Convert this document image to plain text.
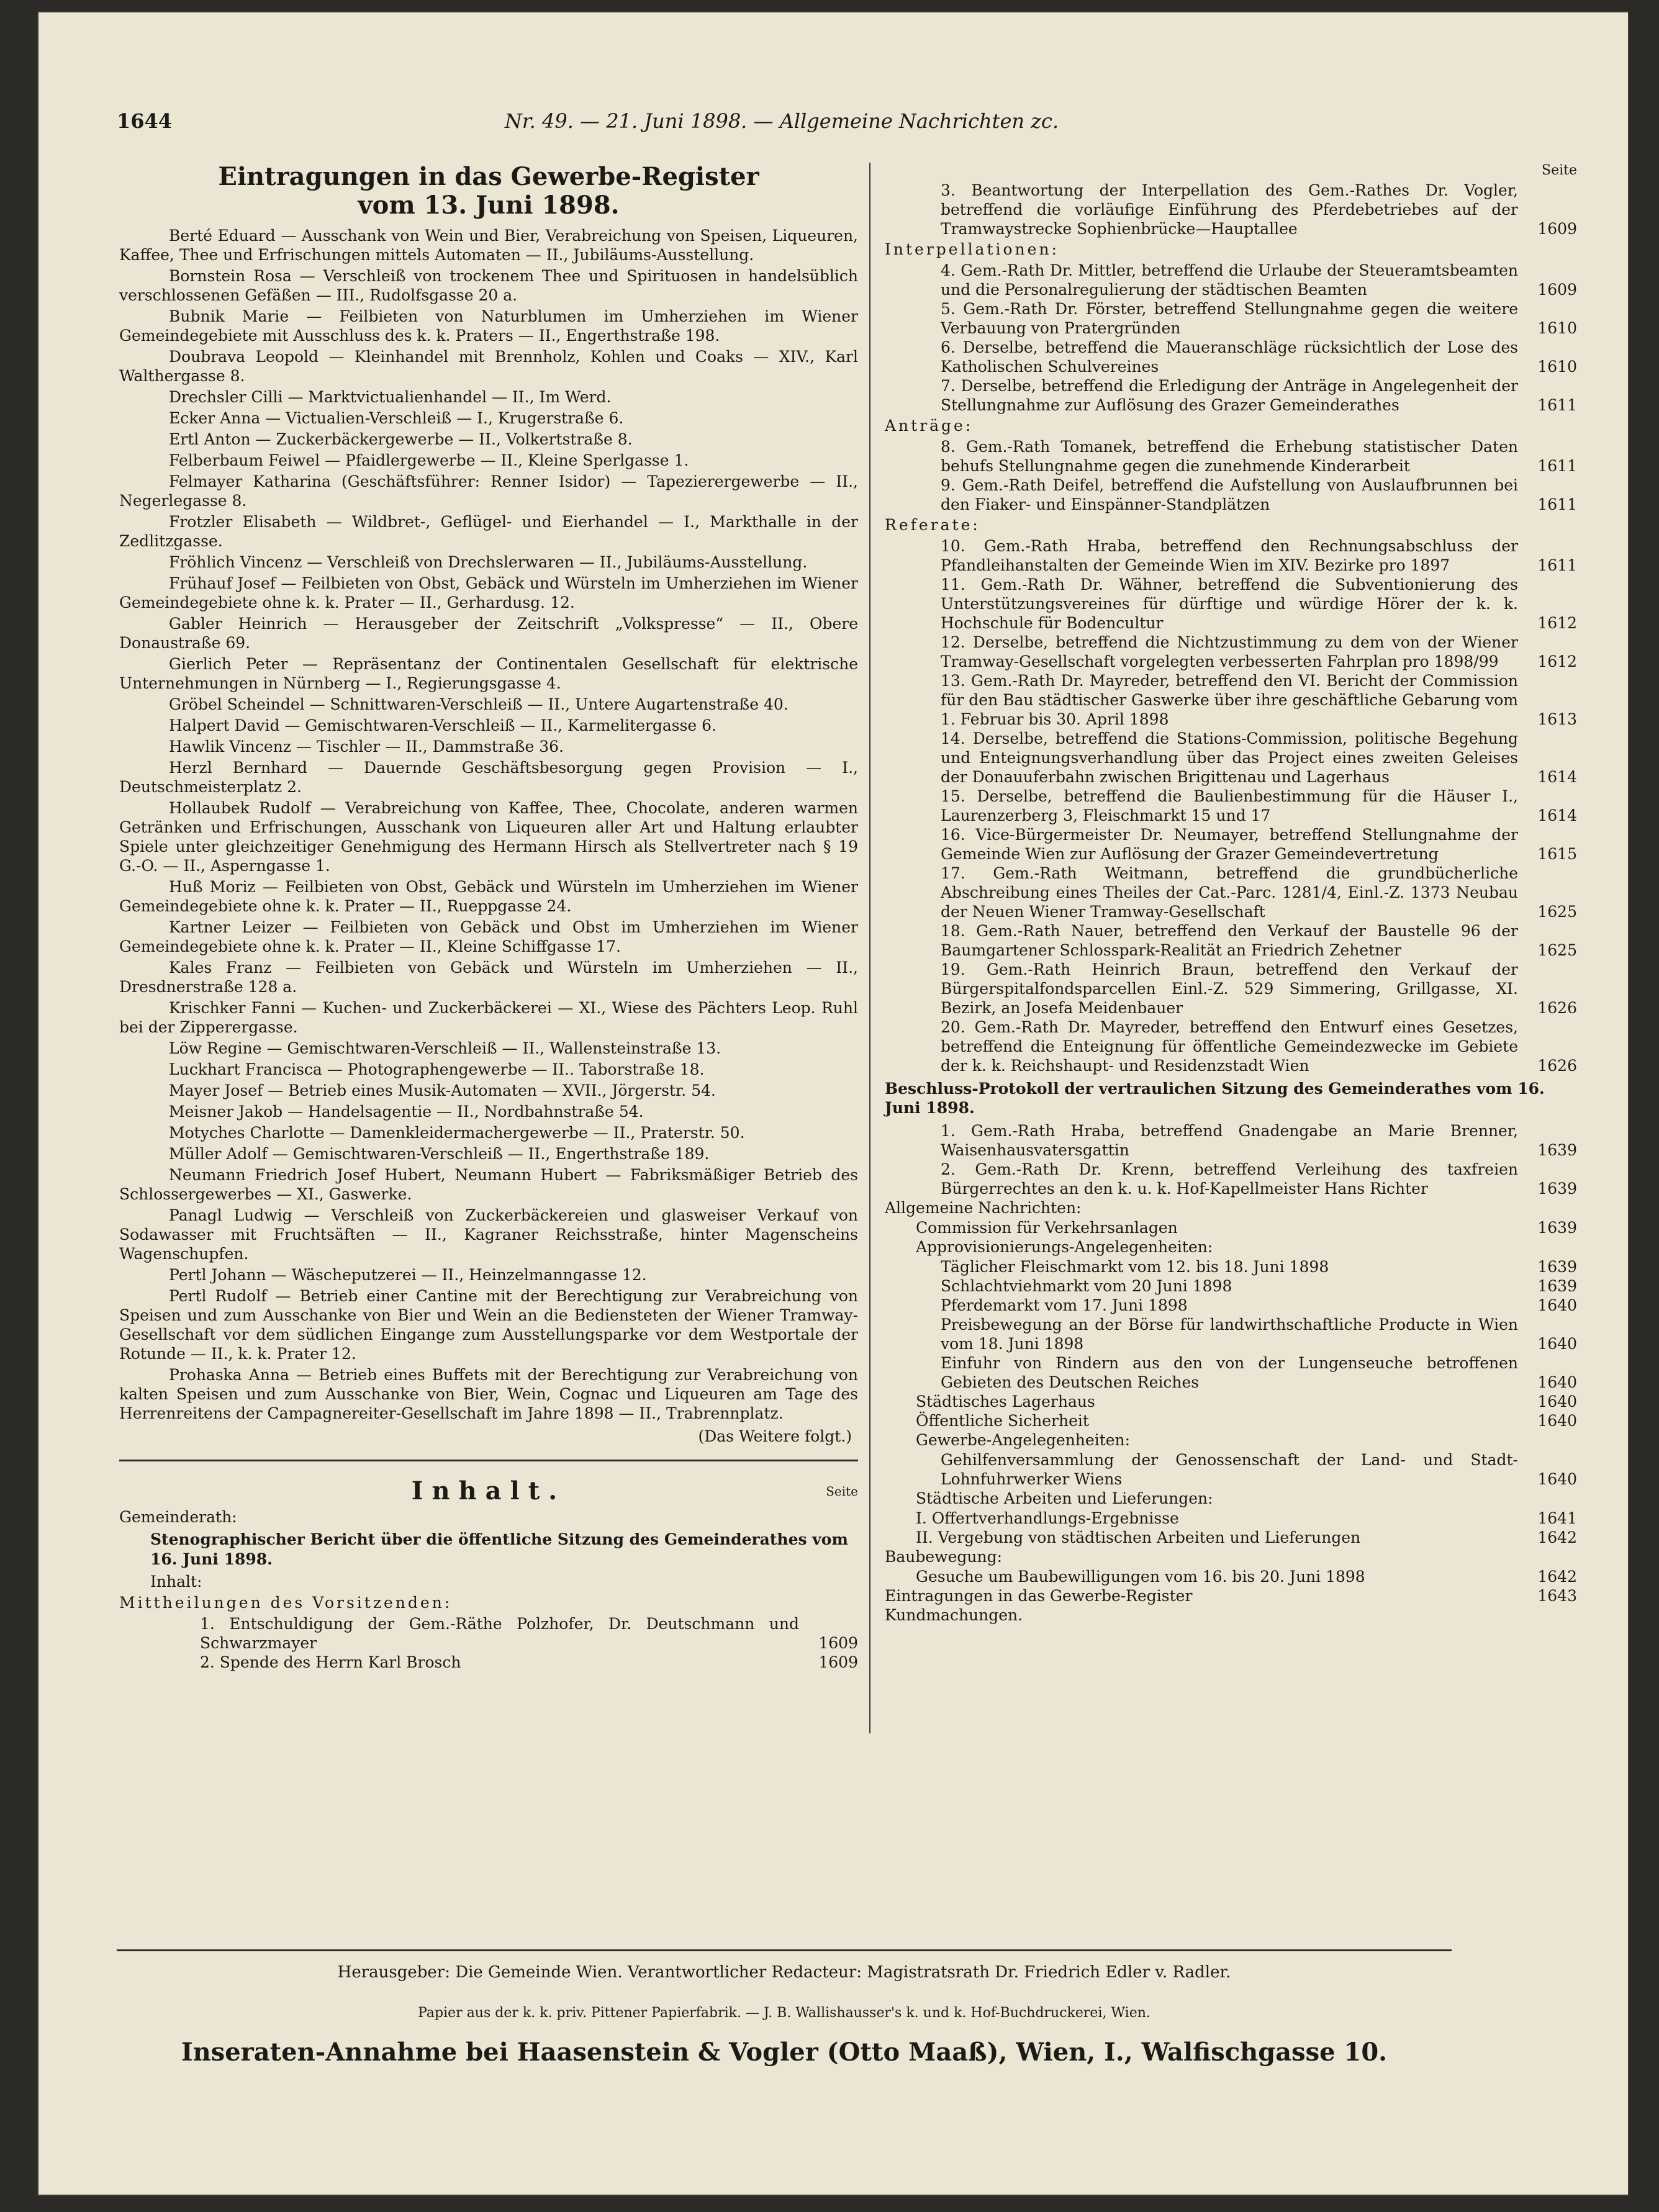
1644	Nr. 49. — 21. Juni 1898. — Allgemeine Nachrichten zc.

Eintragungen in das Gewerbe-Register
vom 13. Juni 1898.

Berté Eduard — Ausschank von Wein und Bier, Verabreichung von Speisen, Liqueuren, Kaffee, Thee und Erfrischungen mittels Automaten — II., Jubiläums-Ausstellung.

Bornstein Rosa — Verschleiß von trockenem Thee und Spirituosen in handelsüblich verschlossenen Gefäßen — III., Rudolfsgasse 20 a.

Bubnik Marie — Feilbieten von Naturblumen im Umherziehen im Wiener Gemeindegebiete mit Ausschluss des k. k. Praters — II., Engerthstraße 198.

Doubrava Leopold — Kleinhandel mit Brennholz, Kohlen und Coaks — XIV., Karl Walthergasse 8.

Drechsler Cilli — Marktvictualienhandel — II., Im Werd.

Ecker Anna — Victualien-Verschleiß — I., Krugerstraße 6.

Ertl Anton — Zuckerbäckergewerbe — II., Volkertstraße 8.

Felberbaum Feiwel — Pfaidlergewerbe — II., Kleine Sperlgasse 1.

Felmayer Katharina (Geschäftsführer: Renner Isidor) — Tapezierergewerbe — II., Negerlegasse 8.

Frotzler Elisabeth — Wildbret-, Geflügel- und Eierhandel — I., Markthalle in der Zedlitzgasse.

Fröhlich Vincenz — Verschleiß von Drechslerwaren — II., Jubiläums-Ausstellung.

Frühauf Josef — Feilbieten von Obst, Gebäck und Würsteln im Umherziehen im Wiener Gemeindegebiete ohne k. k. Prater — II., Gerhardusg. 12.

Gabler Heinrich — Herausgeber der Zeitschrift „Volkspresse“ — II., Obere Donaustraße 69.

Gierlich Peter — Repräsentanz der Continentalen Gesellschaft für elektrische Unternehmungen in Nürnberg — I., Regierungsgasse 4.

Gröbel Scheindel — Schnittwaren-Verschleiß — II., Untere Augartenstraße 40.

Halpert David — Gemischtwaren-Verschleiß — II., Karmelitergasse 6.

Hawlik Vincenz — Tischler — II., Dammstraße 36.

Herzl Bernhard — Dauernde Geschäftsbesorgung gegen Provision — I., Deutschmeisterplatz 2.

Hollaubek Rudolf — Verabreichung von Kaffee, Thee, Chocolate, anderen warmen Getränken und Erfrischungen, Ausschank von Liqueuren aller Art und Haltung erlaubter Spiele unter gleichzeitiger Genehmigung des Hermann Hirsch als Stellvertreter nach § 19 G.-O. — II., Asperngasse 1.

Huß Moriz — Feilbieten von Obst, Gebäck und Würsteln im Umherziehen im Wiener Gemeindegebiete ohne k. k. Prater — II., Rueppgasse 24.

Kartner Leizer — Feilbieten von Gebäck und Obst im Umherziehen im Wiener Gemeindegebiete ohne k. k. Prater — II., Kleine Schiffgasse 17.

Kales Franz — Feilbieten von Gebäck und Würsteln im Umherziehen — II., Dresdnerstraße 128 a.

Krischker Fanni — Kuchen- und Zuckerbäckerei — XI., Wiese des Pächters Leop. Ruhl bei der Zipperergasse.

Löw Regine — Gemischtwaren-Verschleiß — II., Wallensteinstraße 13.

Luckhart Francisca — Photographengewerbe — II.. Taborstraße 18.

Mayer Josef — Betrieb eines Musik-Automaten — XVII., Jörgerstr. 54.

Meisner Jakob — Handelsagentie — II., Nordbahnstraße 54.

Motyches Charlotte — Damenkleidermachergewerbe — II., Praterstr. 50.

Müller Adolf — Gemischtwaren-Verschleiß — II., Engerthstraße 189.

Neumann Friedrich Josef Hubert, Neumann Hubert — Fabriksmäßiger Betrieb des Schlossergewerbes — XI., Gaswerke.

Panagl Ludwig — Verschleiß von Zuckerbäckereien und glasweiser Verkauf von Sodawasser mit Fruchtsäften — II., Kagraner Reichsstraße, hinter Magenscheins Wagenschupfen.

Pertl Johann — Wäscheputzerei — II., Heinzelmanngasse 12.

Pertl Rudolf — Betrieb einer Cantine mit der Berechtigung zur Verabreichung von Speisen und zum Ausschanke von Bier und Wein an die Bediensteten der Wiener Tramway-Gesellschaft vor dem südlichen Eingange zum Ausstellungsparke vor dem Westportale der Rotunde — II., k. k. Prater 12.

Prohaska Anna — Betrieb eines Buffets mit der Berechtigung zur Verabreichung von kalten Speisen und zum Ausschanke von Bier, Wein, Cognac und Liqueuren am Tage des Herrenreitens der Campagnereiter-Gesellschaft im Jahre 1898 — II., Trabrennplatz.

(Das Weitere folgt.)

Inhalt.	Seite

Gemeinderath:

Stenographischer Bericht über die öffentliche Sitzung des Gemeinderathes vom 16. Juni 1898.

Inhalt:

Mittheilungen des Vorsitzenden:

1. Entschuldigung der Gem.-Räthe Polzhofer, Dr. Deutschmann und Schwarzmayer	1609
2. Spende des Herrn Karl Brosch	1609

Seite

3. Beantwortung der Interpellation des Gem.-Rathes Dr. Vogler, betreffend die vorläufige Einführung des Pferdebetriebes auf der Tramwaystrecke Sophienbrücke—Hauptallee	1609

Interpellationen:

4. Gem.-Rath Dr. Mittler, betreffend die Urlaube der Steueramtsbeamten und die Personalregulierung der städtischen Beamten	1609
5. Gem.-Rath Dr. Förster, betreffend Stellungnahme gegen die weitere Verbauung von Pratergründen	1610
6. Derselbe, betreffend die Maueranschläge rücksichtlich der Lose des Katholischen Schulvereines	1610
7. Derselbe, betreffend die Erledigung der Anträge in Angelegenheit der Stellungnahme zur Auflösung des Grazer Gemeinderathes	1611

Anträge:

8. Gem.-Rath Tomanek, betreffend die Erhebung statistischer Daten behufs Stellungnahme gegen die zunehmende Kinderarbeit	1611
9. Gem.-Rath Deifel, betreffend die Aufstellung von Auslaufbrunnen bei den Fiaker- und Einspänner-Standplätzen	1611

Referate:

10. Gem.-Rath Hraba, betreffend den Rechnungsabschluss der Pfandleihanstalten der Gemeinde Wien im XIV. Bezirke pro 1897	1611
11. Gem.-Rath Dr. Wähner, betreffend die Subventionierung des Unterstützungsvereines für dürftige und würdige Hörer der k. k. Hochschule für Bodencultur	1612
12. Derselbe, betreffend die Nichtzustimmung zu dem von der Wiener Tramway-Gesellschaft vorgelegten verbesserten Fahrplan pro 1898/99	1612
13. Gem.-Rath Dr. Mayreder, betreffend den VI. Bericht der Commission für den Bau städtischer Gaswerke über ihre geschäftliche Gebarung vom 1. Februar bis 30. April 1898	1613
14. Derselbe, betreffend die Stations-Commission, politische Begehung und Enteignungsverhandlung über das Project eines zweiten Geleises der Donauuferbahn zwischen Brigittenau und Lagerhaus	1614
15. Derselbe, betreffend die Baulienbestimmung für die Häuser I., Laurenzerberg 3, Fleischmarkt 15 und 17	1614
16. Vice-Bürgermeister Dr. Neumayer, betreffend Stellungnahme der Gemeinde Wien zur Auflösung der Grazer Gemeindevertretung	1615
17. Gem.-Rath Weitmann, betreffend die grundbücherliche Abschreibung eines Theiles der Cat.-Parc. 1281/4, Einl.-Z. 1373 Neubau der Neuen Wiener Tramway-Gesellschaft	1625
18. Gem.-Rath Nauer, betreffend den Verkauf der Baustelle 96 der Baumgartener Schlosspark-Realität an Friedrich Zehetner	1625
19. Gem.-Rath Heinrich Braun, betreffend den Verkauf der Bürgerspitalfondsparcellen Einl.-Z. 529 Simmering, Grillgasse, XI. Bezirk, an Josefa Meidenbauer	1626
20. Gem.-Rath Dr. Mayreder, betreffend den Entwurf eines Gesetzes, betreffend die Enteignung für öffentliche Gemeindezwecke im Gebiete der k. k. Reichshaupt- und Residenzstadt Wien	1626

Beschluss-Protokoll der vertraulichen Sitzung des Gemeinderathes vom 16. Juni 1898.

1. Gem.-Rath Hraba, betreffend Gnadengabe an Marie Brenner, Waisenhausvatersgattin	1639
2. Gem.-Rath Dr. Krenn, betreffend Verleihung des taxfreien Bürgerrechtes an den k. u. k. Hof-Kapellmeister Hans Richter	1639

Allgemeine Nachrichten:

Commission für Verkehrsanlagen	1639

Approvisionierungs-Angelegenheiten:

Täglicher Fleischmarkt vom 12. bis 18. Juni 1898	1639
Schlachtviehmarkt vom 20 Juni 1898	1639
Pferdemarkt vom 17. Juni 1898	1640
Preisbewegung an der Börse für landwirthschaftliche Producte in Wien vom 18. Juni 1898	1640
Einfuhr von Rindern aus den von der Lungenseuche betroffenen Gebieten des Deutschen Reiches	1640
Städtisches Lagerhaus	1640
Öffentliche Sicherheit	1640

Gewerbe-Angelegenheiten:

Gehilfenversammlung der Genossenschaft der Land- und Stadt-Lohnfuhrwerker Wiens	1640

Städtische Arbeiten und Lieferungen:

I. Offertverhandlungs-Ergebnisse	1641
II. Vergebung von städtischen Arbeiten und Lieferungen	1642

Baubewegung:

Gesuche um Baubewilligungen vom 16. bis 20. Juni 1898	1642
Eintragungen in das Gewerbe-Register	1643

Kundmachungen.

Herausgeber: Die Gemeinde Wien. Verantwortlicher Redacteur: Magistratsrath Dr. Friedrich Edler v. Radler.
Papier aus der k. k. priv. Pittener Papierfabrik. — J. B. Wallishausser's k. und k. Hof-Buchdruckerei, Wien.
Inseraten-Annahme bei Haasenstein & Vogler (Otto Maaß), Wien, I., Walfischgasse 10.
